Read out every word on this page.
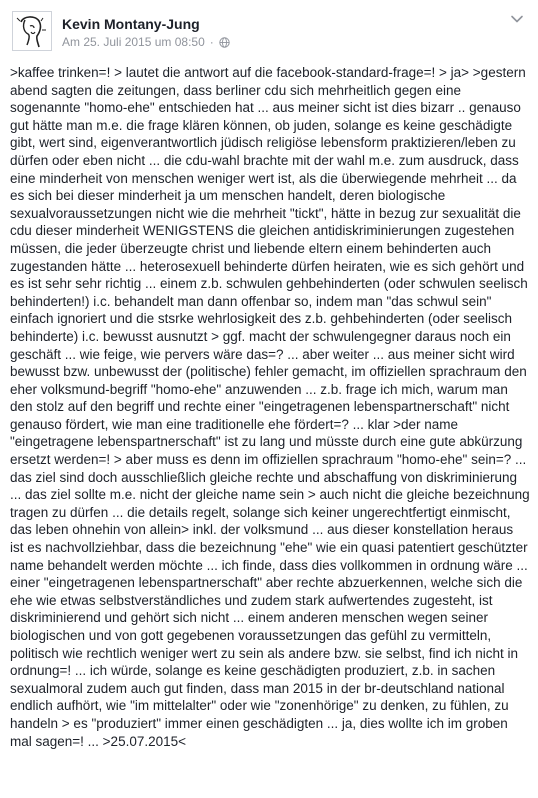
Kevin Montany-Jung
Am 25. Juli 2015 um 08:50 ·
>kaffee trinken=! > lautet die antwort auf die facebook-standard-frage=! > ja> >gestern abend sagten die zeitungen, dass berliner cdu sich mehrheitlich gegen eine sogenannte "homo-ehe" entschieden hat ... aus meiner sicht ist dies bizarr .. genauso gut hätte man m.e. die frage klären können, ob juden, solange es keine geschädigte gibt, wert sind, eigenverantwortlich jüdisch religiöse lebensform praktizieren/leben zu dürfen oder eben nicht ... die cdu-wahl brachte mit der wahl m.e. zum ausdruck, dass eine minderheit von menschen weniger wert ist, als die überwiegende mehrheit ... da es sich bei dieser minderheit ja um menschen handelt, deren biologische sexualvoraussetzungen nicht wie die mehrheit "tickt", hätte in bezug zur sexualität die cdu dieser minderheit WENIGSTENS die gleichen antidiskriminierungen zugestehen müssen, die jeder überzeugte christ und liebende eltern einem behinderten auch zugestanden hätte ... heterosexuell behinderte dürfen heiraten, wie es sich gehört und es ist sehr sehr richtig ... einem z.b. schwulen gehbehinderten (oder schwulen seelisch behinderten!) i.c. behandelt man dann offenbar so, indem man "das schwul sein" einfach ignoriert und die stsrke wehrlosigkeit des z.b. gehbehinderten (oder seelisch behinderte) i.c. bewusst ausnutzt > ggf. macht der schwulengegner daraus noch ein geschäft ... wie feige, wie pervers wäre das=? ... aber weiter ... aus meiner sicht wird bewusst bzw. unbewusst der (politische) fehler gemacht, im offiziellen sprachraum den eher volksmund-begriff "homo-ehe" anzuwenden ... z.b. frage ich mich, warum man den stolz auf den begriff und rechte einer "eingetragenen lebenspartnerschaft" nicht genauso fördert, wie man eine traditionelle ehe fördert=? ... klar >der name "eingetragene lebenspartnerschaft" ist zu lang und müsste durch eine gute abkürzung ersetzt werden=! > aber muss es denn im offiziellen sprachraum "homo-ehe" sein=? ... das ziel sind doch ausschließlich gleiche rechte und abschaffung von diskriminierung ... das ziel sollte m.e. nicht der gleiche name sein > auch nicht die gleiche bezeichnung tragen zu dürfen ... die details regelt, solange sich keiner ungerechtfertigt einmischt, das leben ohnehin von allein> inkl. der volksmund ... aus dieser konstellation heraus ist es nachvollziehbar, dass die bezeichnung "ehe" wie ein quasi patentiert geschützter name behandelt werden möchte ... ich finde, dass dies vollkommen in ordnung wäre ... einer "eingetragenen lebenspartnerschaft" aber rechte abzuerkennen, welche sich die ehe wie etwas selbstverständliches und zudem stark aufwertendes zugesteht, ist diskriminierend und gehört sich nicht ... einem anderen menschen wegen seiner biologischen und von gott gegebenen voraussetzungen das gefühl zu vermitteln, politisch wie rechtlich weniger wert zu sein als andere bzw. sie selbst, find ich nicht in ordnung=! ... ich würde, solange es keine geschädigten produziert, z.b. in sachen sexualmoral zudem auch gut finden, dass man 2015 in der br-deutschland national endlich aufhört, wie "im mittelalter" oder wie "zonenhörige" zu denken, zu fühlen, zu handeln > es "produziert" immer einen geschädigten ... ja, dies wollte ich im groben mal sagen=! ... >25.07.2015<
